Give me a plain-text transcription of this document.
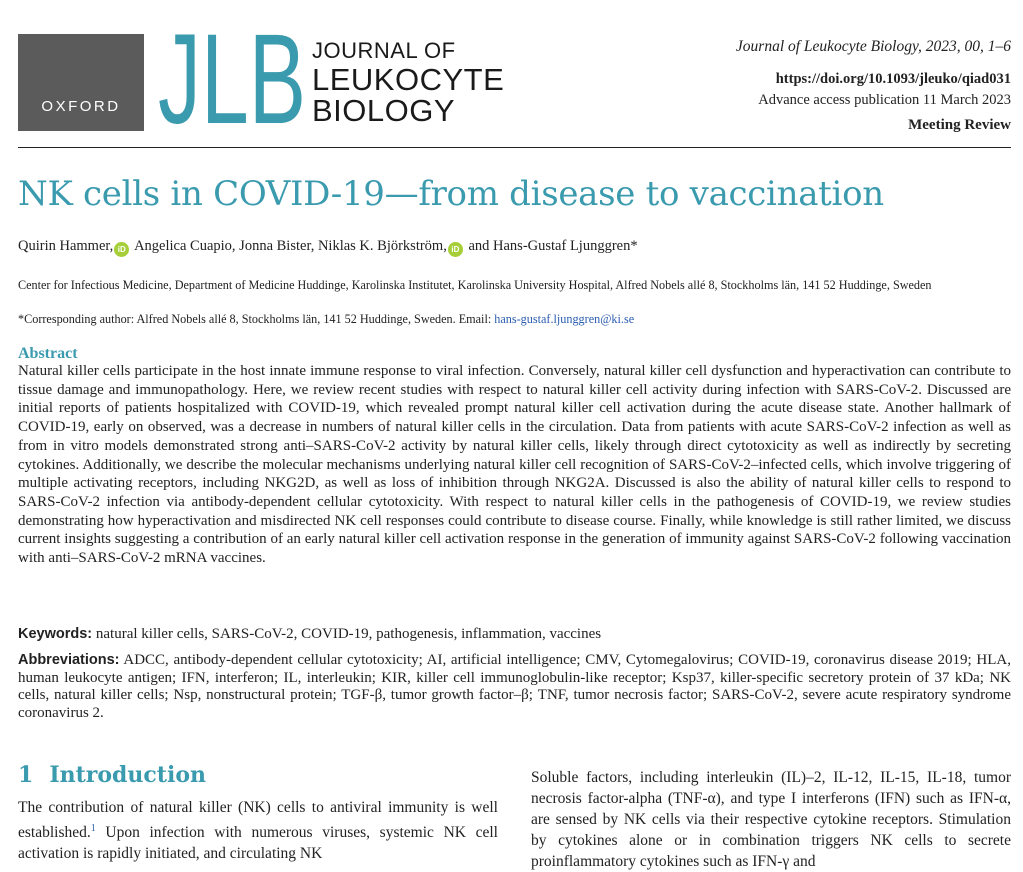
OXFORD JLB JOURNAL OF
LEUKOCYTE
BIOLOGY
Journal of Leukocyte Biology, 2023, 00, 1–6
https://doi.org/10.1093/jleuko/qiad031
Advance access publication 11 March 2023
Meeting Review
NK cells in COVID-19—from disease to vaccination
Quirin Hammer, iD Angelica Cuapio, Jonna Bister, Niklas K. Björkström, iD and Hans-Gustaf Ljunggren*
Center for Infectious Medicine, Department of Medicine Huddinge, Karolinska Institutet, Karolinska University Hospital, Alfred Nobels allé 8, Stockholms län, 141 52 Huddinge, Sweden
*Corresponding author: Alfred Nobels allé 8, Stockholms län, 141 52 Huddinge, Sweden. Email: hans-gustaf.ljunggren@ki.se
Abstract
Natural killer cells participate in the host innate immune response to viral infection. Conversely, natural killer cell dysfunction and hyperactivation can contribute to tissue damage and immunopathology. Here, we review recent studies with respect to natural killer cell activity during infection with SARS-CoV-2. Discussed are initial reports of patients hospitalized with COVID-19, which revealed prompt natural killer cell activation during the acute disease state. Another hallmark of COVID-19, early on observed, was a decrease in numbers of natural killer cells in the circulation. Data from patients with acute SARS-CoV-2 infection as well as from in vitro models demonstrated strong anti–SARS-CoV-2 activity by natural killer cells, likely through direct cytotoxicity as well as indirectly by secreting cytokines. Additionally, we describe the molecular mechanisms underlying natural killer cell recognition of SARS-CoV-2–infected cells, which involve triggering of multiple activating receptors, including NKG2D, as well as loss of inhibition through NKG2A. Discussed is also the ability of natural killer cells to respond to SARS-CoV-2 infection via antibody-dependent cellular cytotoxicity. With respect to natural killer cells in the pathogenesis of COVID-19, we review studies demonstrating how hyperactivation and misdirected NK cell responses could contribute to disease course. Finally, while knowledge is still rather limited, we discuss current insights suggesting a contribution of an early natural killer cell activation response in the generation of immunity against SARS-CoV-2 following vaccination with anti–SARS-CoV-2 mRNA vaccines.
Keywords: natural killer cells, SARS-CoV-2, COVID-19, pathogenesis, inflammation, vaccines
Abbreviations: ADCC, antibody-dependent cellular cytotoxicity; AI, artificial intelligence; CMV, Cytomegalovirus; COVID-19, coronavirus disease 2019; HLA, human leukocyte antigen; IFN, interferon; IL, interleukin; KIR, killer cell immunoglobulin-like receptor; Ksp37, killer-specific secretory protein of 37 kDa; NK cells, natural killer cells; Nsp, nonstructural protein; TGF-β, tumor growth factor–β; TNF, tumor necrosis factor; SARS-CoV-2, severe acute respiratory syndrome coronavirus 2.
1 Introduction
The contribution of natural killer (NK) cells to antiviral immunity is well established.$^1$ Upon infection with numerous viruses, systemic NK cell activation is rapidly initiated, and circulating NK
Soluble factors, including interleukin (IL)–2, IL-12, IL-15, IL-18, tumor necrosis factor-alpha (TNF-α), and type I interferons (IFN) such as IFN-α, are sensed by NK cells via their respective cytokine receptors. Stimulation by cytokines alone or in combination triggers NK cells to secrete proinflammatory cytokines such as IFN-γ and
